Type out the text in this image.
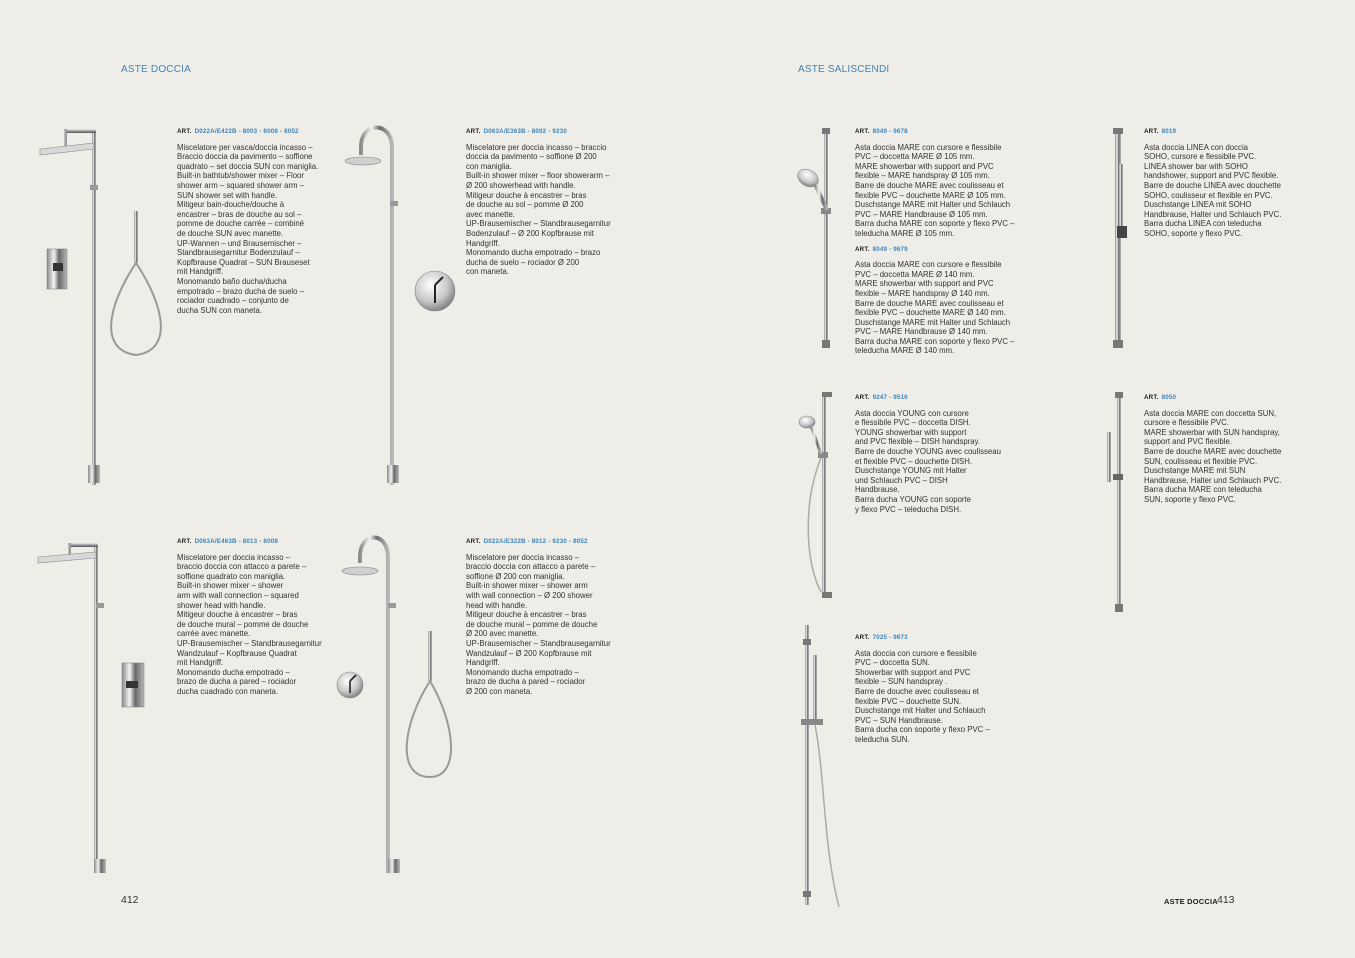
ASTE DOCCIA
ART. D022A/E422B - 8003 - 8008 - 8052
Miscelatore per vasca/doccia incasso –
Braccio doccia da pavimento – soffione
quadrato – set doccia SUN con maniglia.
Built-in bathtub/shower mixer – Floor
shower arm – squared shower arm –
SUN shower set with handle.
Mitigeur bain-douche/douche à
encastrer – bras de douche au sol –
pomme de douche carrée – combiné
de douche SUN avec manette.
UP-Wannen – und Brausemischer –
Standbrausegarnitur Bodenzulauf –
Kopfbrause Quadrat – SUN Brauseset
mit Handgriff.
Monomando baño ducha/ducha
empotrado – brazo ducha de suelo –
rociador cuadrado – conjunto de
ducha SUN con maneta.
ART. D063A/E363B - 8002 - 9230
Miscelatore per doccia incasso – braccio
doccia da pavimento – soffione Ø 200
con maniglia.
Built-in shower mixer – floor showerarm –
Ø 200 showerhead with handle.
Mitigeur douche à encastrer – bras
de douche au sol – pomme Ø 200
avec manette.
UP-Brausemischer – Standbrausegarnitur
Bodenzulauf – Ø 200 Kopfbrause mit
Handgriff.
Monomando ducha empotrado – brazo
ducha de suelo – rociador Ø 200
con maneta.
ART. D063A/E463B - 8013 - 8008
Miscelatore per doccia incasso –
braccio doccia con attacco a parete –
soffione quadrato con maniglia.
Built-in shower mixer – shower
arm with wall connection – squared
shower head with handle.
Mitigeur douche à encastrer – bras
de douche mural – pomme de douche
carrée avec manette.
UP-Brausemischer – Standbrausegarnitur
Wandzulauf – Kopfbrause Quadrat
mit Handgriff.
Monomando ducha empotrado –
brazo de ducha a pared – rociador
ducha cuadrado con maneta.
ART. D022A/E322B - 8012 - 9230 - 8052
Miscelatore per doccia incasso –
braccio doccia con attacco a parete –
soffione Ø 200 con maniglia.
Built-in shower mixer – shower arm
with wall connection – Ø 200 shower
head with handle.
Mitigeur douche à encastrer – bras
de douche mural – pomme de douche
Ø 200 avec manette.
UP-Brausemischer – Standbrausegarnitur
Wandzulauf – Ø 200 Kopfbrause mit
Handgriff.
Monomando ducha empotrado –
brazo de ducha a pared – rociador
Ø 200 con maneta.
412
ASTE SALISCENDI
ART. 8049 - 9678
Asta doccia MARE con cursore e flessibile
PVC – doccetta MARE Ø 105 mm.
MARE showerbar with support and PVC
flexible – MARE handspray Ø 105 mm.
Barre de douche MARE avec coulisseau et
flexible PVC – douchette MARE Ø 105 mm.
Duschstange MARE mit Halter und Schlauch
PVC – MARE Handbrause Ø 105 mm.
Barra ducha MARE con soporte y flexo PVC –
teleducha MARE Ø 105 mm.
ART. 8049 - 9679
Asta doccia MARE con cursore e flessibile
PVC – doccetta MARE Ø 140 mm.
MARE showerbar with support and PVC
flexible – MARE handspray Ø 140 mm.
Barre de douche MARE avec coulisseau et
flexible PVC – douchette MARE Ø 140 mm.
Duschstange MARE mit Halter und Schlauch
PVC – MARE Handbrause Ø 140 mm.
Barra ducha MARE con soporte y flexo PVC –
teleducha MARE Ø 140 mm.
ART. 8019
Asta doccia LINEA con doccia
SOHO, cursore e flessibile PVC.
LINEA shower bar with SOHO
handshower, support and PVC flexible.
Barre de douche LINEA avec douchette
SOHO, coulisseur et flexible en PVC.
Duschstange LINEA mit SOHO
Handbrause, Halter und Schlauch PVC.
Barra ducha LINEA con teleducha
SOHO, soporte y flexo PVC.
ART. 9247 - 9516
Asta doccia YOUNG con cursore
e flessibile PVC – doccetta DISH.
YOUNG showerbar with support
and PVC flexible – DISH handspray.
Barre de douche YOUNG avec coulisseau
et flexible PVC – douchette DISH.
Duschstange YOUNG mit Halter
und Schlauch PVC – DISH
Handbrause.
Barra ducha YOUNG con soporte
y flexo PVC – teleducha DISH.
ART. 8050
Asta doccia MARE con doccetta SUN,
cursore e flessibile PVC.
MARE showerbar with SUN handspray,
support and PVC flexible.
Barre de douche MARE avec douchette
SUN, coulisseau et flexible PVC.
Duschstange MARE mit SUN
Handbrause, Halter und Schlauch PVC.
Barra ducha MARE con teleducha
SUN, soporte y flexo PVC.
ART. 7025 - 9673
Asta doccia con cursore e flessibile
PVC – doccetta SUN.
Showerbar with support and PVC
flexible – SUN handspray .
Barre de douche avec coulisseau et
flexible PVC – douchette SUN.
Duschstange mit Halter und Schlauch
PVC – SUN Handbrause.
Barra ducha con soporte y flexo PVC –
teleducha SUN.
ASTE DOCCIA 413
